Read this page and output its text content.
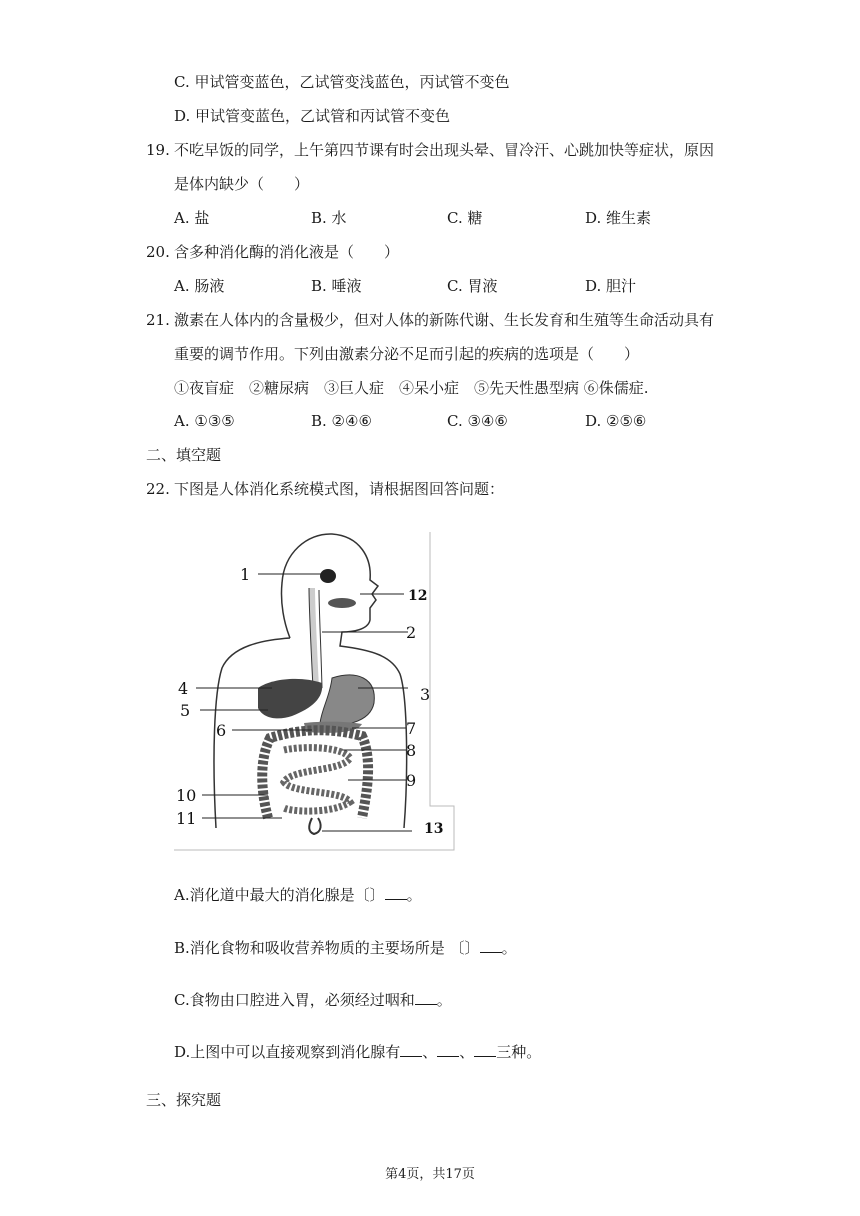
C. 甲试管变蓝色，乙试管变浅蓝色，丙试管不变色
D. 甲试管变蓝色，乙试管和丙试管不变色
19. 不吃早饭的同学，上午第四节课有时会出现头晕、冒冷汗、心跳加快等症状，原因
是体内缺少（　　）
A. 盐	B. 水	C. 糖	D. 维生素
20. 含多种消化酶的消化液是（　　）
A. 肠液	B. 唾液	C. 胃液	D. 胆汁
21. 激素在人体内的含量极少，但对人体的新陈代谢、生长发育和生殖等生命活动具有
重要的调节作用。下列由激素分泌不足而引起的疾病的选项是（　　）
①夜盲症　②糖尿病　③巨人症　④呆小症　⑤先天性愚型病 ⑥侏儒症.
A. ①③⑤	B. ②④⑥	C. ③④⑥	D. ②⑤⑥
二、填空题
22. 下图是人体消化系统模式图，请根据图回答问题：
1
2
3
4
5
6	7
8
9
10
11
12
13
A.消化道中最大的消化腺是〔〕 。
B.消化食物和吸收营养物质的主要场所是 〔〕 。
C.食物由口腔进入胃，必须经过咽和 。
D.上图中可以直接观察到消化腺有 、 、 三种。
三、探究题
第4页，共17页
